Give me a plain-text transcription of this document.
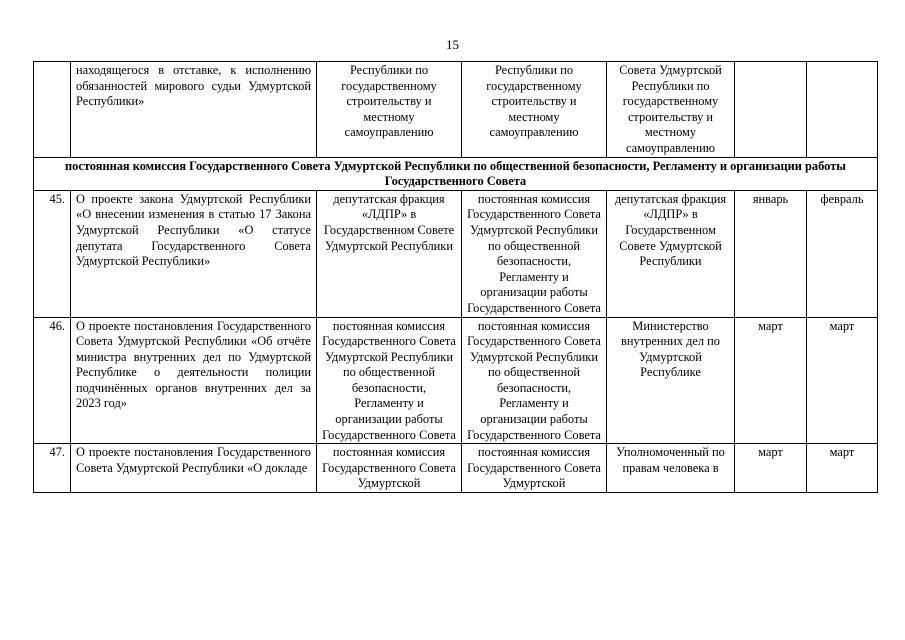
15
	находящегося в отставке, к исполнению обязанностей мирового судьи Удмуртской Республики»	Республики по государственному строительству и местному самоуправлению	Республики по государственному строительству и местному самоуправлению	Совета Удмуртской Республики по государственному строительству и местному самоуправлению		
постоянная комиссия Государственного Совета Удмуртской Республики по общественной безопасности, Регламенту и организации работы Государственного Совета						
45.	О проекте закона Удмуртской Республики «О внесении изменения в статью 17 Закона Удмуртской Республики «О статусе депутата Государственного Совета Удмуртской Республики»	депутатская фракция «ЛДПР» в Государственном Совете Удмуртской Республики	постоянная комиссия Государственного Совета Удмуртской Республики по общественной безопасности, Регламенту и организации работы Государственного Совета	депутатская фракция «ЛДПР» в Государственном Совете Удмуртской Республики	январь	февраль
46.	О проекте постановления Государственного Совета Удмуртской Республики «Об отчёте министра внутренних дел по Удмуртской Республике о деятельности полиции подчинённых органов внутренних дел за 2023 год»	постоянная комиссия Государственного Совета Удмуртской Республики по общественной безопасности, Регламенту и организации работы Государственного Совета	постоянная комиссия Государственного Совета Удмуртской Республики по общественной безопасности, Регламенту и организации работы Государственного Совета	Министерство внутренних дел по Удмуртской Республике	март	март
47.	О проекте постановления Государственного Совета Удмуртской Республики «О докладе	постоянная комиссия Государственного Совета Удмуртской	постоянная комиссия Государственного Совета Удмуртской	Уполномоченный по правам человека в	март	март
